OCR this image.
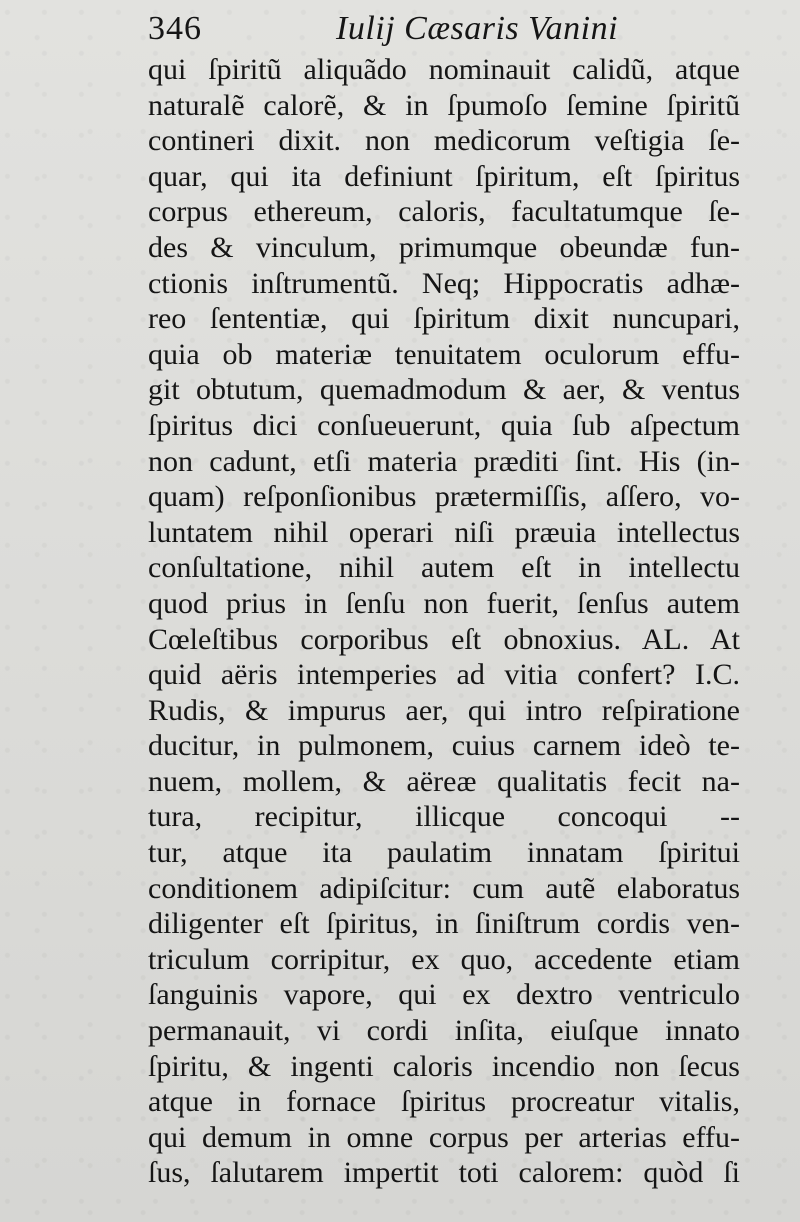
346	Iulij Cæsaris Vanini
qui ſpiritũ aliquãdo nominauit calidũ, atque
naturalẽ calorẽ, & in ſpumoſo ſemine ſpiritũ
contineri dixit. non medicorum veſtigia ſe-
quar, qui ita definiunt ſpiritum, eſt ſpiritus
corpus ethereum, caloris, facultatumque ſe-
des & vinculum, primumque obeundæ fun-
ctionis inſtrumentũ. Neq; Hippocratis adhæ-
reo ſententiæ, qui ſpiritum dixit nuncupari,
quia ob materiæ tenuitatem oculorum effu-
git obtutum, quemadmodum & aer, & ventus
ſpiritus dici conſueuerunt, quia ſub aſpectum
non cadunt, etſi materia præditi ſint. His (in-
quam) reſponſionibus prætermiſſis, aſſero, vo-
luntatem nihil operari niſi præuia intellectus
conſultatione, nihil autem eſt in intellectu
quod prius in ſenſu non fuerit, ſenſus autem
Cœleſtibus corporibus eſt obnoxius. AL. At
quid aëris intemperies ad vitia confert? I.C.
Rudis, & impurus aer, qui intro reſpiratione
ducitur, in pulmonem, cuius carnem ideò te-
nuem, mollem, & aëreæ qualitatis fecit na-
tura, recipitur, illicque concoqui --
tur, atque ita paulatim innatam ſpiritui
conditionem adipiſcitur: cum autẽ elaboratus
diligenter eſt ſpiritus, in ſiniſtrum cordis ven-
triculum corripitur, ex quo, accedente etiam
ſanguinis vapore, qui ex dextro ventriculo
permanauit, vi cordi inſita, eiuſque innato
ſpiritu, & ingenti caloris incendio non ſecus
atque in fornace ſpiritus procreatur vitalis,
qui demum in omne corpus per arterias effu-
ſus, ſalutarem impertit toti calorem: quòd ſi
